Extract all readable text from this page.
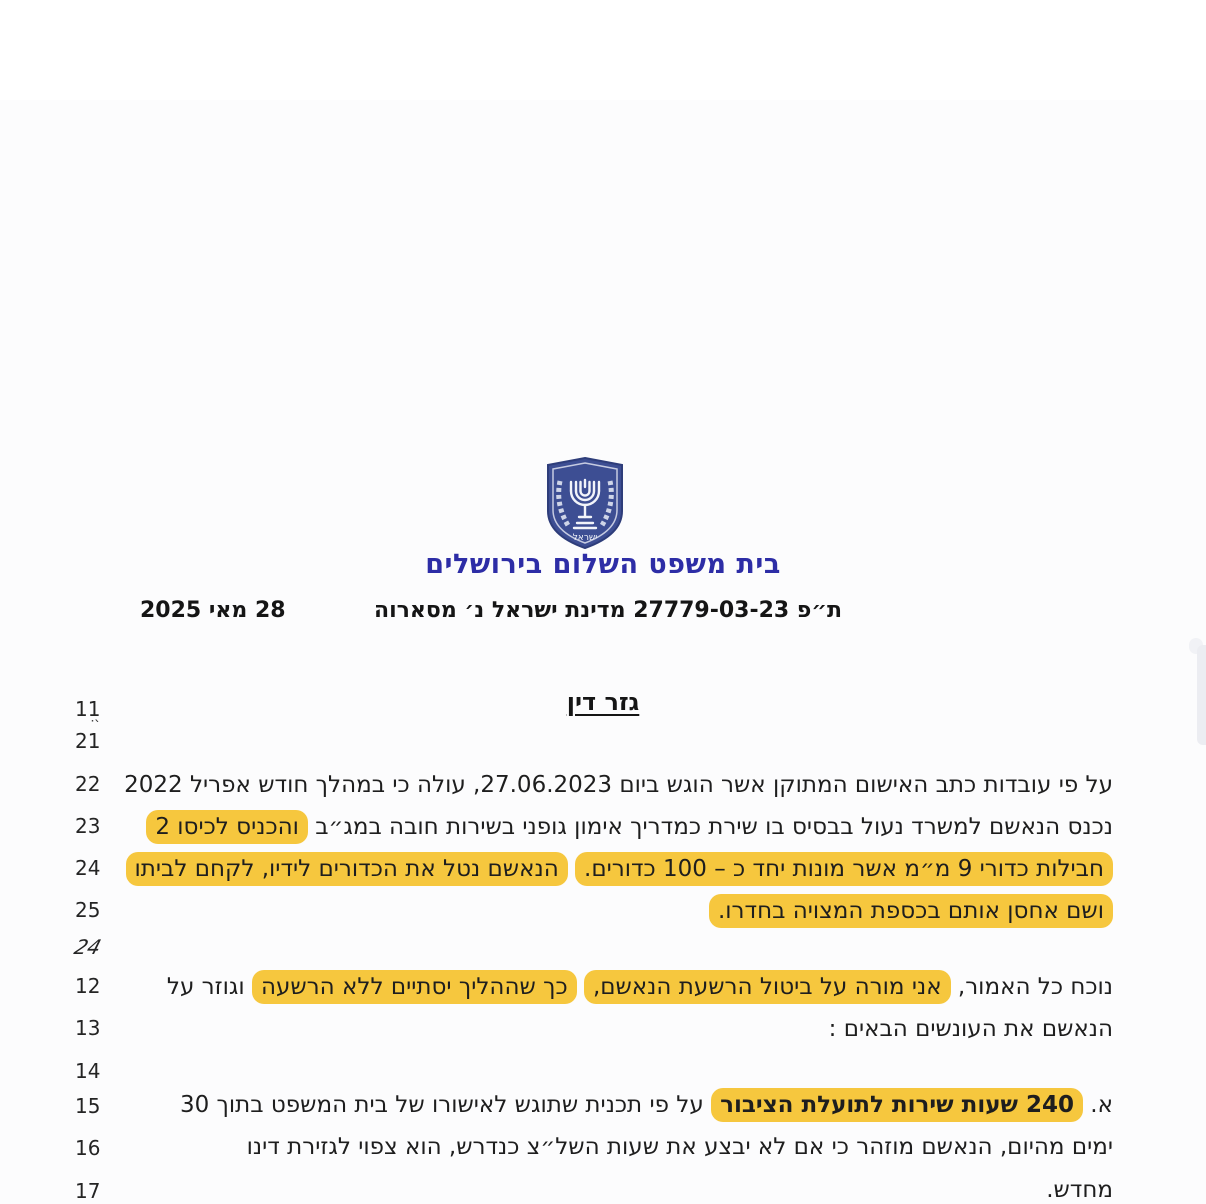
ישראל
בית משפט השלום בירושלים
ת״פ 27779-03-23 מדינת ישראל נ׳ מסארוה
28 מאי 2025
גזר דין
11
21 ˙ˋ
22
23
24
25
24
12
13
14
15
16
17
על פי עובדות כתב האישום המתוקן אשר הוגש ביום 27.06.2023, עולה כי במהלך חודש אפריל 2022
נכנס הנאשם למשרד נעול בבסיס בו שירת כמדריך אימון גופני בשירות חובה במג״ב והכניס לכיסו 2
חבילות כדורי 9 מ״מ אשר מונות יחד כ – 100 כדורים. הנאשם נטל את הכדורים לידיו, לקחם לביתו
ושם אחסן אותם בכספת המצויה בחדרו.
נוכח כל האמור, אני מורה על ביטול הרשעת הנאשם, כך שההליך יסתיים ללא הרשעה וגוזר על
הנאשם את העונשים הבאים :
א. 240 שעות שירות לתועלת הציבור על פי תכנית שתוגש לאישורו של בית המשפט בתוך 30
ימים מהיום, הנאשם מוזהר כי אם לא יבצע את שעות השל״צ כנדרש, הוא צפוי לגזירת דינו
מחדש.
